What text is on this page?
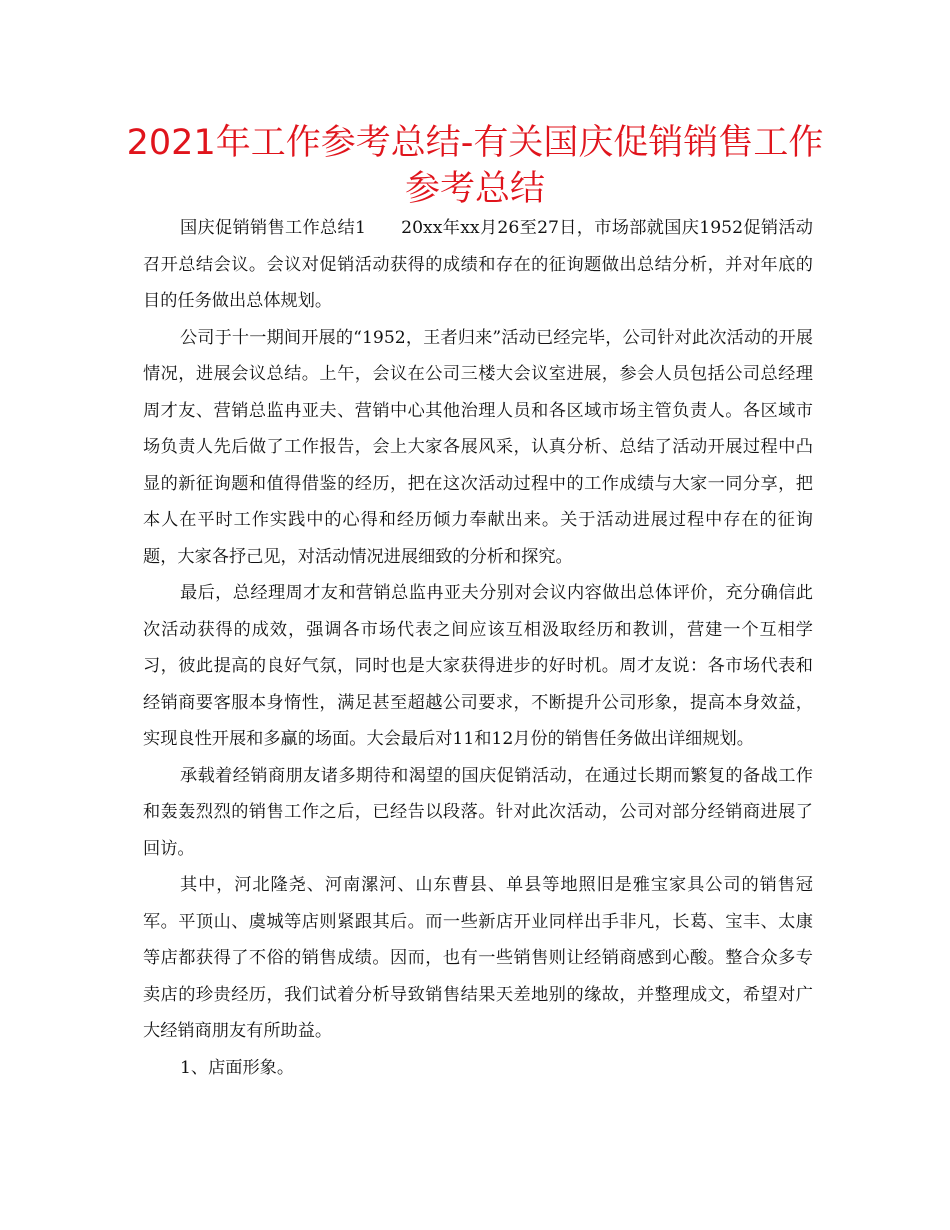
2021年工作参考总结-有关国庆促销销售工作参考总结

国庆促销销售工作总结1　　20xx年xx月26至27日，市场部就国庆1952促销活动召开总结会议。会议对促销活动获得的成绩和存在的征询题做出总结分析，并对年底的目的任务做出总体规划。

公司于十一期间开展的“1952，王者归来”活动已经完毕，公司针对此次活动的开展情况，进展会议总结。上午，会议在公司三楼大会议室进展，参会人员包括公司总经理周才友、营销总监冉亚夫、营销中心其他治理人员和各区域市场主管负责人。各区域市场负责人先后做了工作报告，会上大家各展风采，认真分析、总结了活动开展过程中凸显的新征询题和值得借鉴的经历，把在这次活动过程中的工作成绩与大家一同分享，把本人在平时工作实践中的心得和经历倾力奉献出来。关于活动进展过程中存在的征询题，大家各抒己见，对活动情况进展细致的分析和探究。

最后，总经理周才友和营销总监冉亚夫分别对会议内容做出总体评价，充分确信此次活动获得的成效，强调各市场代表之间应该互相汲取经历和教训，营建一个互相学习，彼此提高的良好气氛，同时也是大家获得进步的好时机。周才友说：各市场代表和经销商要客服本身惰性，满足甚至超越公司要求，不断提升公司形象，提高本身效益，实现良性开展和多赢的场面。大会最后对11和12月份的销售任务做出详细规划。

承载着经销商朋友诸多期待和渴望的国庆促销活动，在通过长期而繁复的备战工作和轰轰烈烈的销售工作之后，已经告以段落。针对此次活动，公司对部分经销商进展了回访。

其中，河北隆尧、河南漯河、山东曹县、单县等地照旧是雅宝家具公司的销售冠军。平顶山、虞城等店则紧跟其后。而一些新店开业同样出手非凡，长葛、宝丰、太康等店都获得了不俗的销售成绩。因而，也有一些销售则让经销商感到心酸。整合众多专卖店的珍贵经历，我们试着分析导致销售结果天差地别的缘故，并整理成文，希望对广大经销商朋友有所助益。

1、店面形象。
